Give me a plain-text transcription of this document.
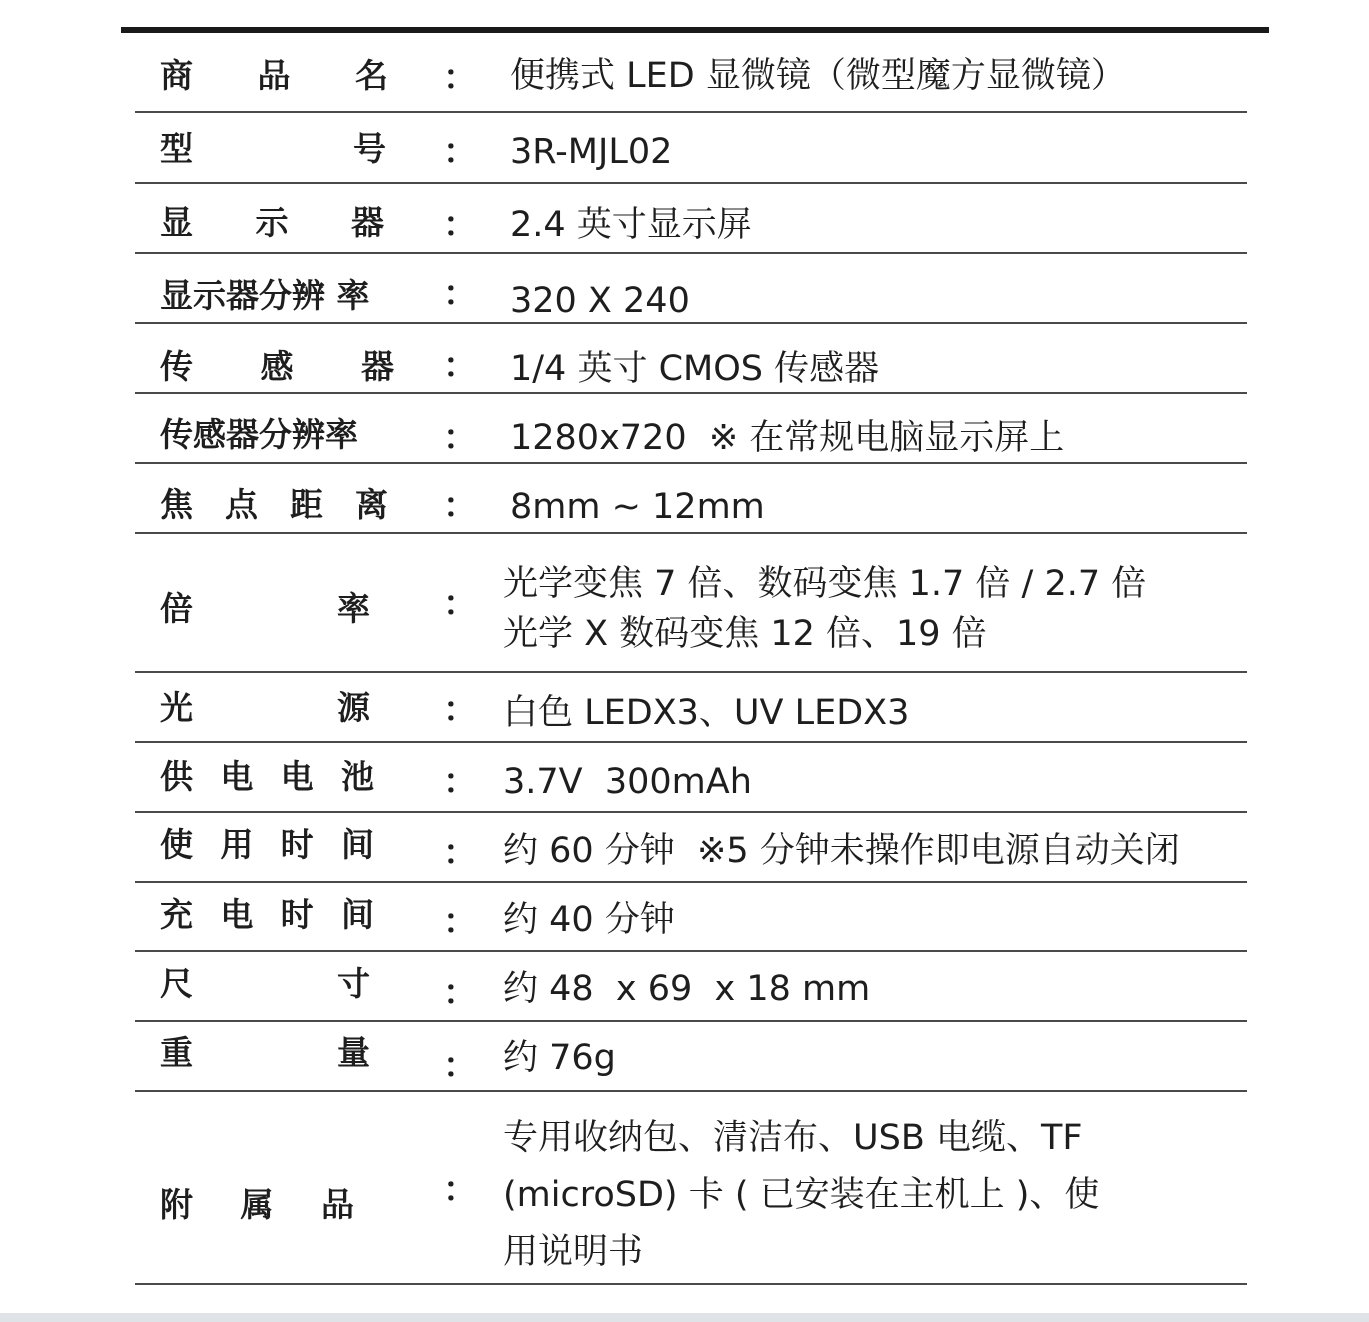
商 品 名 ： 便携式 LED 显微镜（微型魔方显微镜）
型	号 ： 3R-MJL02
显 示 器 ： 2.4 英寸显示屏
显示器分辨 率 ： 320 X 240
传 感 器 ： 1/4 英寸 CMOS 传感器
传感器分辨率	： 1280x720  ※ 在常规电脑显示屏上
焦 点 距 离 ： 8mm ~ 12mm
倍	率 ： 光学变焦 7 倍、数码变焦 1.7 倍 / 2.7 倍
光学 X 数码变焦 12 倍、19 倍
光	源 ： 白色 LEDX3、UV LEDX3
供 电 电 池 ： 3.7V  300mAh
使 用 时 间 ： 约 60 分钟  ※5 分钟未操作即电源自动关闭
充 电 时 间 ： 约 40 分钟
尺	寸 ： 约 48  x 69  x 18 mm
重	量 ： 约 76g
附 属 品	：
专用收纳包、清洁布、USB 电缆、TF
(microSD) 卡 ( 已安装在主机上 )、使
用说明书
